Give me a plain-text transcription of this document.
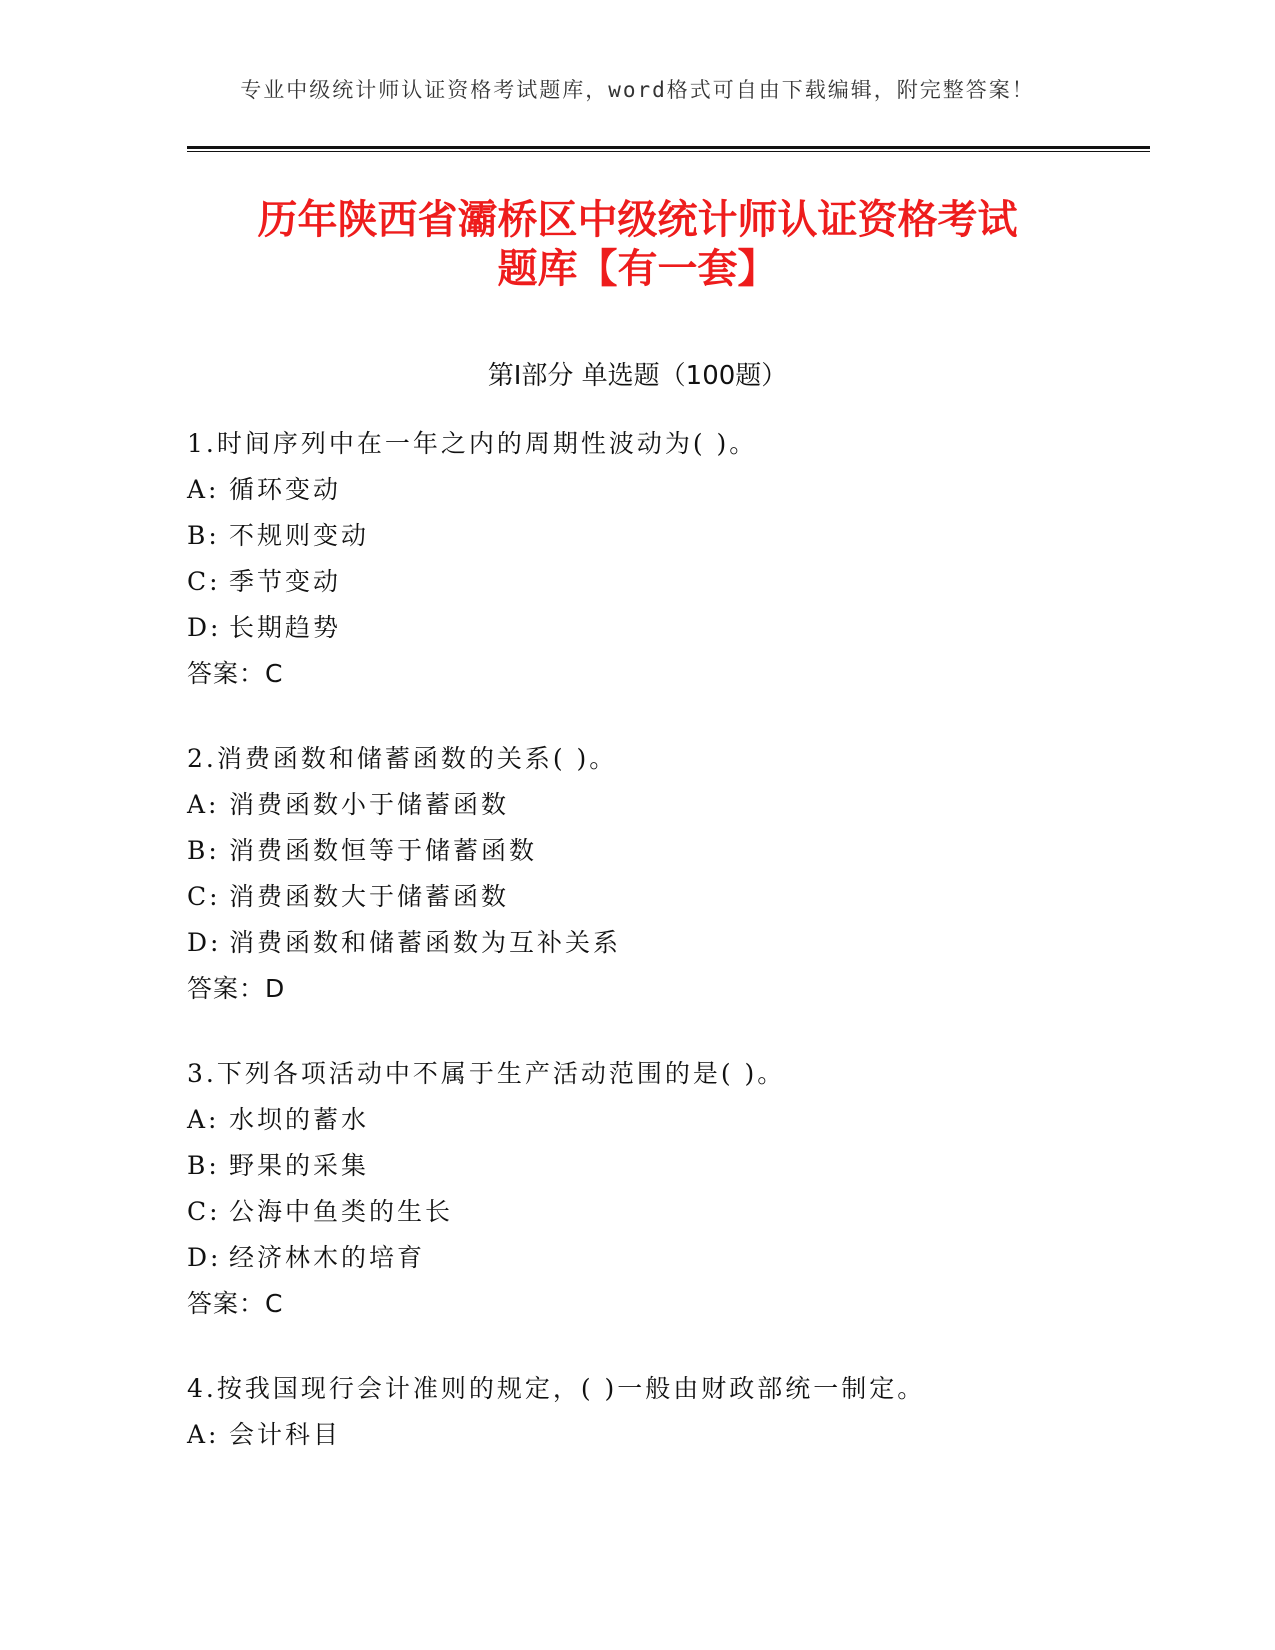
专业中级统计师认证资格考试题库，word格式可自由下载编辑，附完整答案！
历年陕西省灞桥区中级统计师认证资格考试
题库【有一套】
第Ⅰ部分 单选题（100题）
1.时间序列中在一年之内的周期性波动为( )。
A: 循环变动
B: 不规则变动
C: 季节变动
D: 长期趋势
答案：C
2.消费函数和储蓄函数的关系( )。
A: 消费函数小于储蓄函数
B: 消费函数恒等于储蓄函数
C: 消费函数大于储蓄函数
D: 消费函数和储蓄函数为互补关系
答案：D
3.下列各项活动中不属于生产活动范围的是( )。
A: 水坝的蓄水
B: 野果的采集
C: 公海中鱼类的生长
D: 经济林木的培育
答案：C
4.按我国现行会计准则的规定，( )一般由财政部统一制定。
A: 会计科目
